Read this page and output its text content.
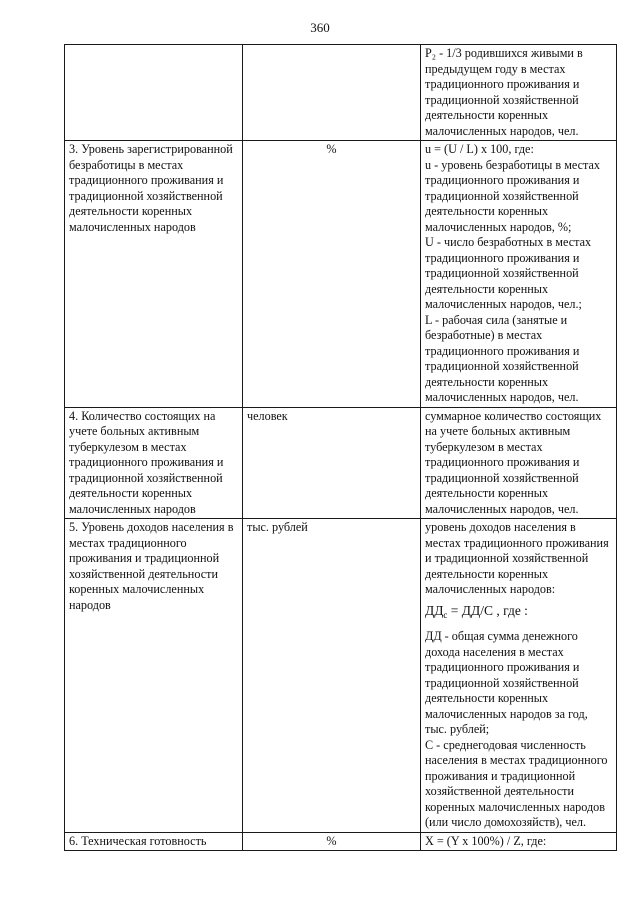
360

		P₂ - 1/3 родившихся живыми в предыдущем году в местах традиционного проживания и традиционной хозяйственной деятельности коренных малочисленных народов, чел.

3. Уровень зарегистрированной безработицы в местах традиционного проживания и традиционной хозяйственной деятельности коренных малочисленных народов	%	u = (U / L) x 100, где:
u - уровень безработицы в местах традиционного проживания и традиционной хозяйственной деятельности коренных малочисленных народов, %;
U - число безработных в местах традиционного проживания и традиционной хозяйственной деятельности коренных малочисленных народов, чел.;
L - рабочая сила (занятые и безработные) в местах традиционного проживания и традиционной хозяйственной деятельности коренных малочисленных народов, чел.

4. Количество состоящих на учете больных активным туберкулезом в местах традиционного проживания и традиционной хозяйственной деятельности коренных малочисленных народов	человек	суммарное количество состоящих на учете больных активным туберкулезом в местах традиционного проживания и традиционной хозяйственной деятельности коренных малочисленных народов, чел.

5. Уровень доходов населения в местах традиционного проживания и традиционной хозяйственной деятельности коренных малочисленных народов	тыс. рублей	уровень доходов населения в местах традиционного проживания и традиционной хозяйственной деятельности коренных малочисленных народов:
$ДД_с = ДД/С$ , где :
ДД - общая сумма денежного дохода населения в местах традиционного проживания и традиционной хозяйственной деятельности коренных малочисленных народов за год, тыс. рублей;
С - среднегодовая численность населения в местах традиционного проживания и традиционной хозяйственной деятельности коренных малочисленных народов (или число домохозяйств), чел.

6. Техническая готовность	%	X = (Y x 100%) / Z, где:
